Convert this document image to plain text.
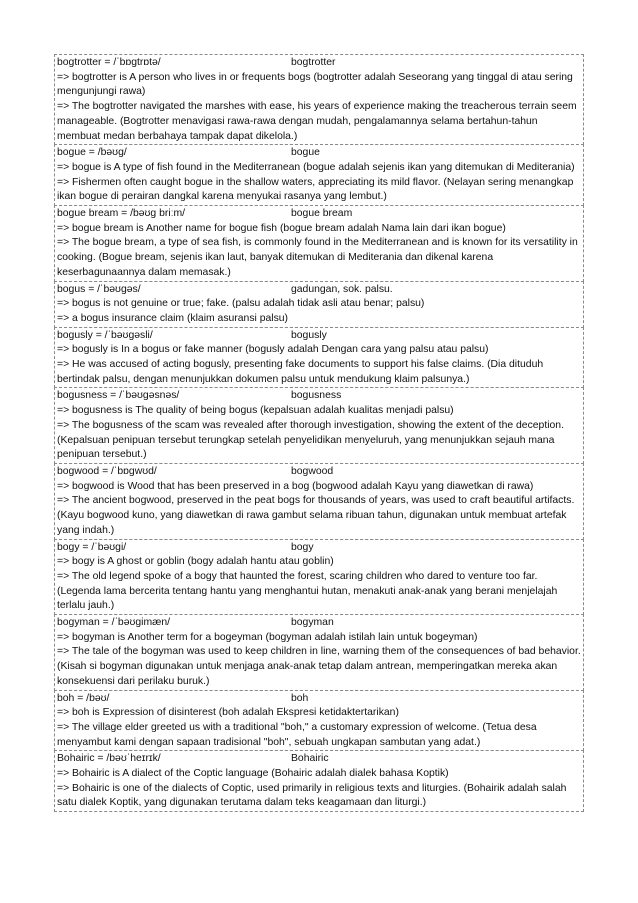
bogtrotter = /ˈbɒɡtrɒtə/	bogtrotter
=> bogtrotter is A person who lives in or frequents bogs (bogtrotter adalah Seseorang yang tinggal di atau sering mengunjungi rawa)
=> The bogtrotter navigated the marshes with ease, his years of experience making the treacherous terrain seem manageable. (Bogtrotter menavigasi rawa-rawa dengan mudah, pengalamannya selama bertahun-tahun membuat medan berbahaya tampak dapat dikelola.)
bogue = /bəʊɡ/	bogue
=> bogue is A type of fish found in the Mediterranean (bogue adalah sejenis ikan yang ditemukan di Mediterania)
=> Fishermen often caught bogue in the shallow waters, appreciating its mild flavor. (Nelayan sering menangkap ikan bogue di perairan dangkal karena menyukai rasanya yang lembut.)
bogue bream = /bəʊɡ briːm/	bogue bream
=> bogue bream is Another name for bogue fish (bogue bream adalah Nama lain dari ikan bogue)
=> The bogue bream, a type of sea fish, is commonly found in the Mediterranean and is known for its versatility in cooking. (Bogue bream, sejenis ikan laut, banyak ditemukan di Mediterania dan dikenal karena keserbagunaannya dalam memasak.)
bogus = /ˈbəʊɡəs/	gadungan, sok. palsu.
=> bogus is not genuine or true; fake. (palsu adalah tidak asli atau benar; palsu)
=> a bogus insurance claim (klaim asuransi palsu)
bogusly = /ˈbəʊɡəsli/	bogusly
=> bogusly is In a bogus or fake manner (bogusly adalah Dengan cara yang palsu atau palsu)
=> He was accused of acting bogusly, presenting fake documents to support his false claims. (Dia dituduh bertindak palsu, dengan menunjukkan dokumen palsu untuk mendukung klaim palsunya.)
bogusness = /ˈbəʊɡəsnəs/	bogusness
=> bogusness is The quality of being bogus (kepalsuan adalah kualitas menjadi palsu)
=> The bogusness of the scam was revealed after thorough investigation, showing the extent of the deception. (Kepalsuan penipuan tersebut terungkap setelah penyelidikan menyeluruh, yang menunjukkan sejauh mana penipuan tersebut.)
bogwood = /ˈbɒɡwʊd/	bogwood
=> bogwood is Wood that has been preserved in a bog (bogwood adalah Kayu yang diawetkan di rawa)
=> The ancient bogwood, preserved in the peat bogs for thousands of years, was used to craft beautiful artifacts. (Kayu bogwood kuno, yang diawetkan di rawa gambut selama ribuan tahun, digunakan untuk membuat artefak yang indah.)
bogy = /ˈbəʊɡi/	bogy
=> bogy is A ghost or goblin (bogy adalah hantu atau goblin)
=> The old legend spoke of a bogy that haunted the forest, scaring children who dared to venture too far. (Legenda lama bercerita tentang hantu yang menghantui hutan, menakuti anak-anak yang berani menjelajah terlalu jauh.)
bogyman = /ˈbəʊɡimæn/	bogyman
=> bogyman is Another term for a bogeyman (bogyman adalah istilah lain untuk bogeyman)
=> The tale of the bogyman was used to keep children in line, warning them of the consequences of bad behavior. (Kisah si bogyman digunakan untuk menjaga anak-anak tetap dalam antrean, memperingatkan mereka akan konsekuensi dari perilaku buruk.)
boh = /bəʊ/	boh
=> boh is Expression of disinterest (boh adalah Ekspresi ketidaktertarikan)
=> The village elder greeted us with a traditional "boh," a customary expression of welcome. (Tetua desa menyambut kami dengan sapaan tradisional "boh", sebuah ungkapan sambutan yang adat.)
Bohairic = /bəʊˈhеɪrɪk/	Bohairic
=> Bohairic is A dialect of the Coptic language (Bohairic adalah dialek bahasa Koptik)
=> Bohairic is one of the dialects of Coptic, used primarily in religious texts and liturgies. (Bohairik adalah salah satu dialek Koptik, yang digunakan terutama dalam teks keagamaan dan liturgi.)
